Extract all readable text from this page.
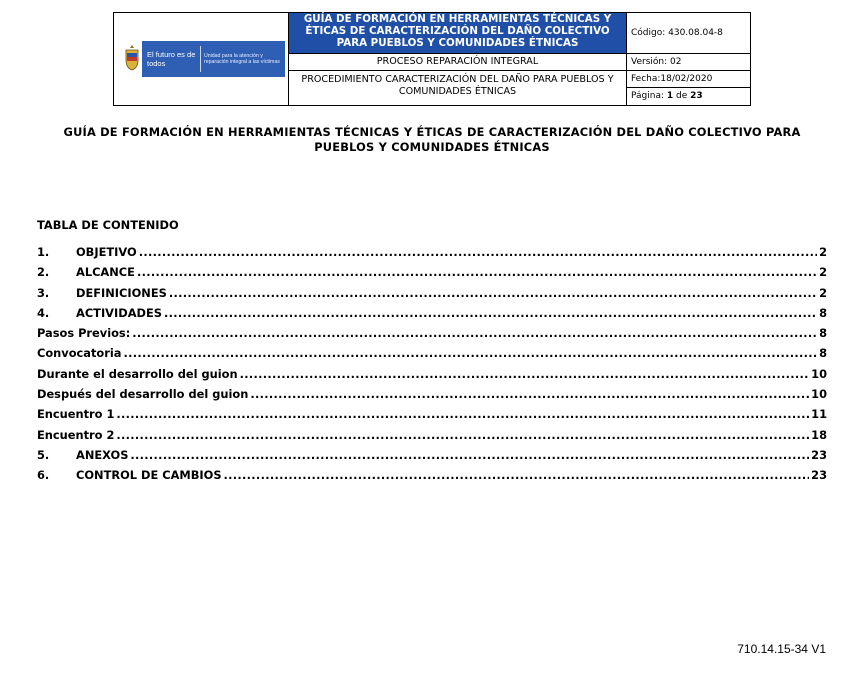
El futuro es de todos
Unidad para la atención y reparación integral a las víctimas
GUÍA DE FORMACIÓN EN HERRAMIENTAS TÉCNICAS Y ÉTICAS DE CARACTERIZACIÓN DEL DAÑO COLECTIVO PARA PUEBLOS Y COMUNIDADES ÉTNICAS
PROCESO REPARACIÓN INTEGRAL
PROCEDIMIENTO CARACTERIZACIÓN DEL DAÑO PARA PUEBLOS Y COMUNIDADES ÉTNICAS
Código: 430.08.04-8
Versión: 02
Fecha:18/02/2020
Página: 1 de 23
GUÍA DE FORMACIÓN EN HERRAMIENTAS TÉCNICAS Y ÉTICAS DE CARACTERIZACIÓN DEL DAÑO COLECTIVO PARA PUEBLOS Y COMUNIDADES ÉTNICAS
TABLA DE CONTENIDO
1.	OBJETIVO .....	2
2.	ALCANCE .....	2
3.	DEFINICIONES .....	2
4.	ACTIVIDADES .....	8
Pasos Previos: .....	8
Convocatoria .....	8
Durante el desarrollo del guion .....	10
Después del desarrollo del guion .....	10
Encuentro 1 .....	11
Encuentro 2 .....	18
5.	ANEXOS .....	23
6.	CONTROL DE CAMBIOS .....	23
710.14.15-34 V1
